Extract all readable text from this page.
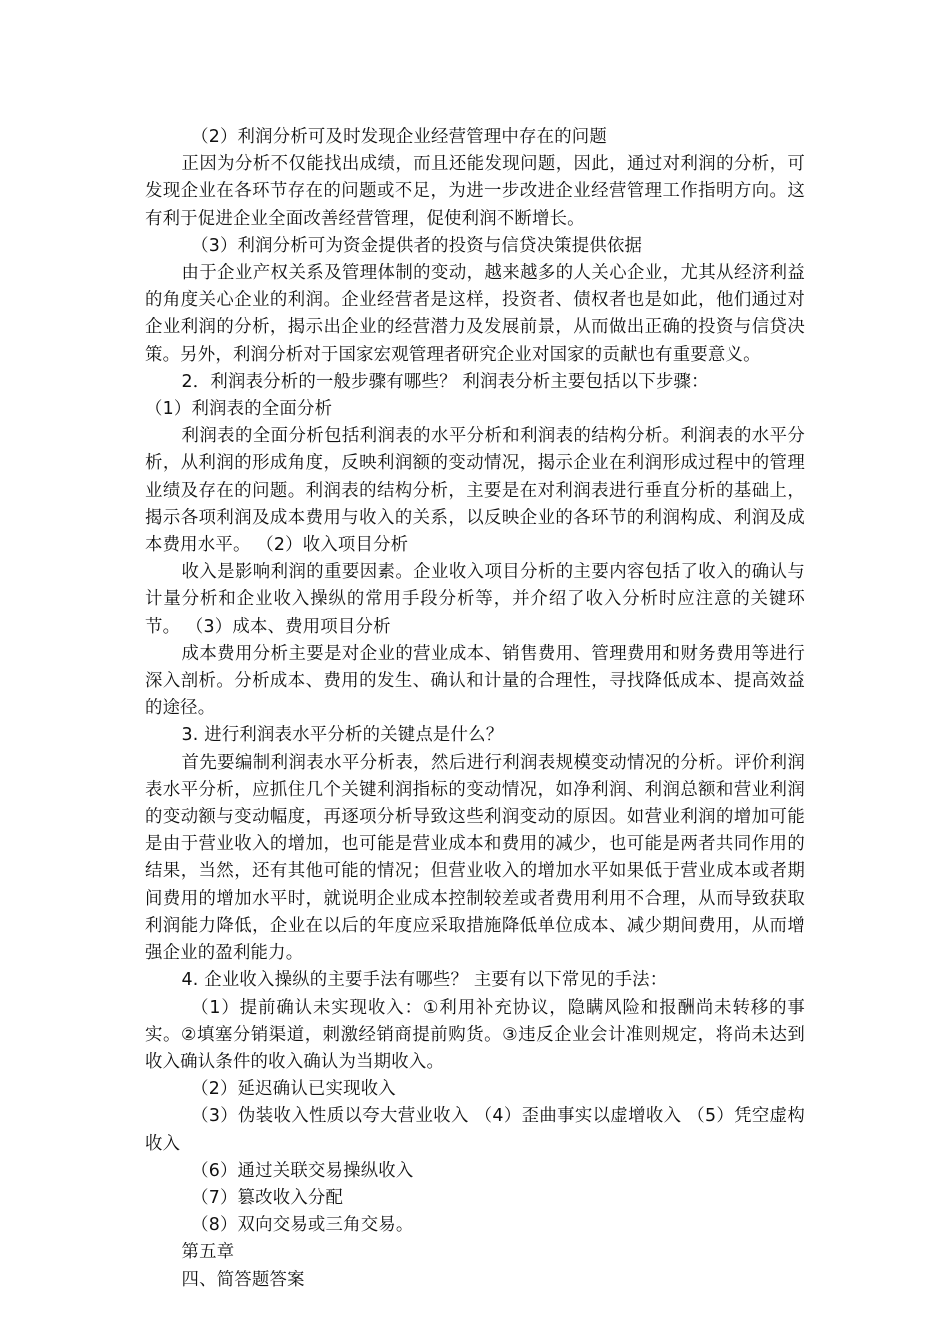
（2）利润分析可及时发现企业经营管理中存在的问题

正因为分析不仅能找出成绩，而且还能发现问题，因此，通过对利润的分析，可发现企业在各环节存在的问题或不足，为进一步改进企业经营管理工作指明方向。这有利于促进企业全面改善经营管理，促使利润不断增长。

（3）利润分析可为资金提供者的投资与信贷决策提供依据

由于企业产权关系及管理体制的变动，越来越多的人关心企业，尤其从经济利益的角度关心企业的利润。企业经营者是这样，投资者、债权者也是如此，他们通过对企业利润的分析，揭示出企业的经营潜力及发展前景，从而做出正确的投资与信贷决策。另外，利润分析对于国家宏观管理者研究企业对国家的贡献也有重要意义。

2．利润表分析的一般步骤有哪些？ 利润表分析主要包括以下步骤：

（1）利润表的全面分析

利润表的全面分析包括利润表的水平分析和利润表的结构分析。利润表的水平分析，从利润的形成角度，反映利润额的变动情况，揭示企业在利润形成过程中的管理业绩及存在的问题。利润表的结构分析，主要是在对利润表进行垂直分析的基础上，揭示各项利润及成本费用与收入的关系，以反映企业的各环节的利润构成、利润及成本费用水平。 （2）收入项目分析

收入是影响利润的重要因素。企业收入项目分析的主要内容包括了收入的确认与计量分析和企业收入操纵的常用手段分析等，并介绍了收入分析时应注意的关键环节。 （3）成本、费用项目分析

成本费用分析主要是对企业的营业成本、销售费用、管理费用和财务费用等进行深入剖析。分析成本、费用的发生、确认和计量的合理性，寻找降低成本、提高效益的途径。

3. 进行利润表水平分析的关键点是什么？

首先要编制利润表水平分析表，然后进行利润表规模变动情况的分析。评价利润表水平分析，应抓住几个关键利润指标的变动情况，如净利润、利润总额和营业利润的变动额与变动幅度，再逐项分析导致这些利润变动的原因。如营业利润的增加可能是由于营业收入的增加，也可能是营业成本和费用的减少，也可能是两者共同作用的结果，当然，还有其他可能的情况；但营业收入的增加水平如果低于营业成本或者期间费用的增加水平时，就说明企业成本控制较差或者费用利用不合理，从而导致获取利润能力降低，企业在以后的年度应采取措施降低单位成本、减少期间费用，从而增强企业的盈利能力。

4. 企业收入操纵的主要手法有哪些？ 主要有以下常见的手法：

（1）提前确认未实现收入：①利用补充协议，隐瞒风险和报酬尚未转移的事实。②填塞分销渠道，刺激经销商提前购货。③违反企业会计准则规定，将尚未达到收入确认条件的收入确认为当期收入。

（2）延迟确认已实现收入

（3）伪装收入性质以夸大营业收入 （4）歪曲事实以虚增收入 （5）凭空虚构收入

（6）通过关联交易操纵收入

（7）篡改收入分配

（8）双向交易或三角交易。

第五章

四、简答题答案
